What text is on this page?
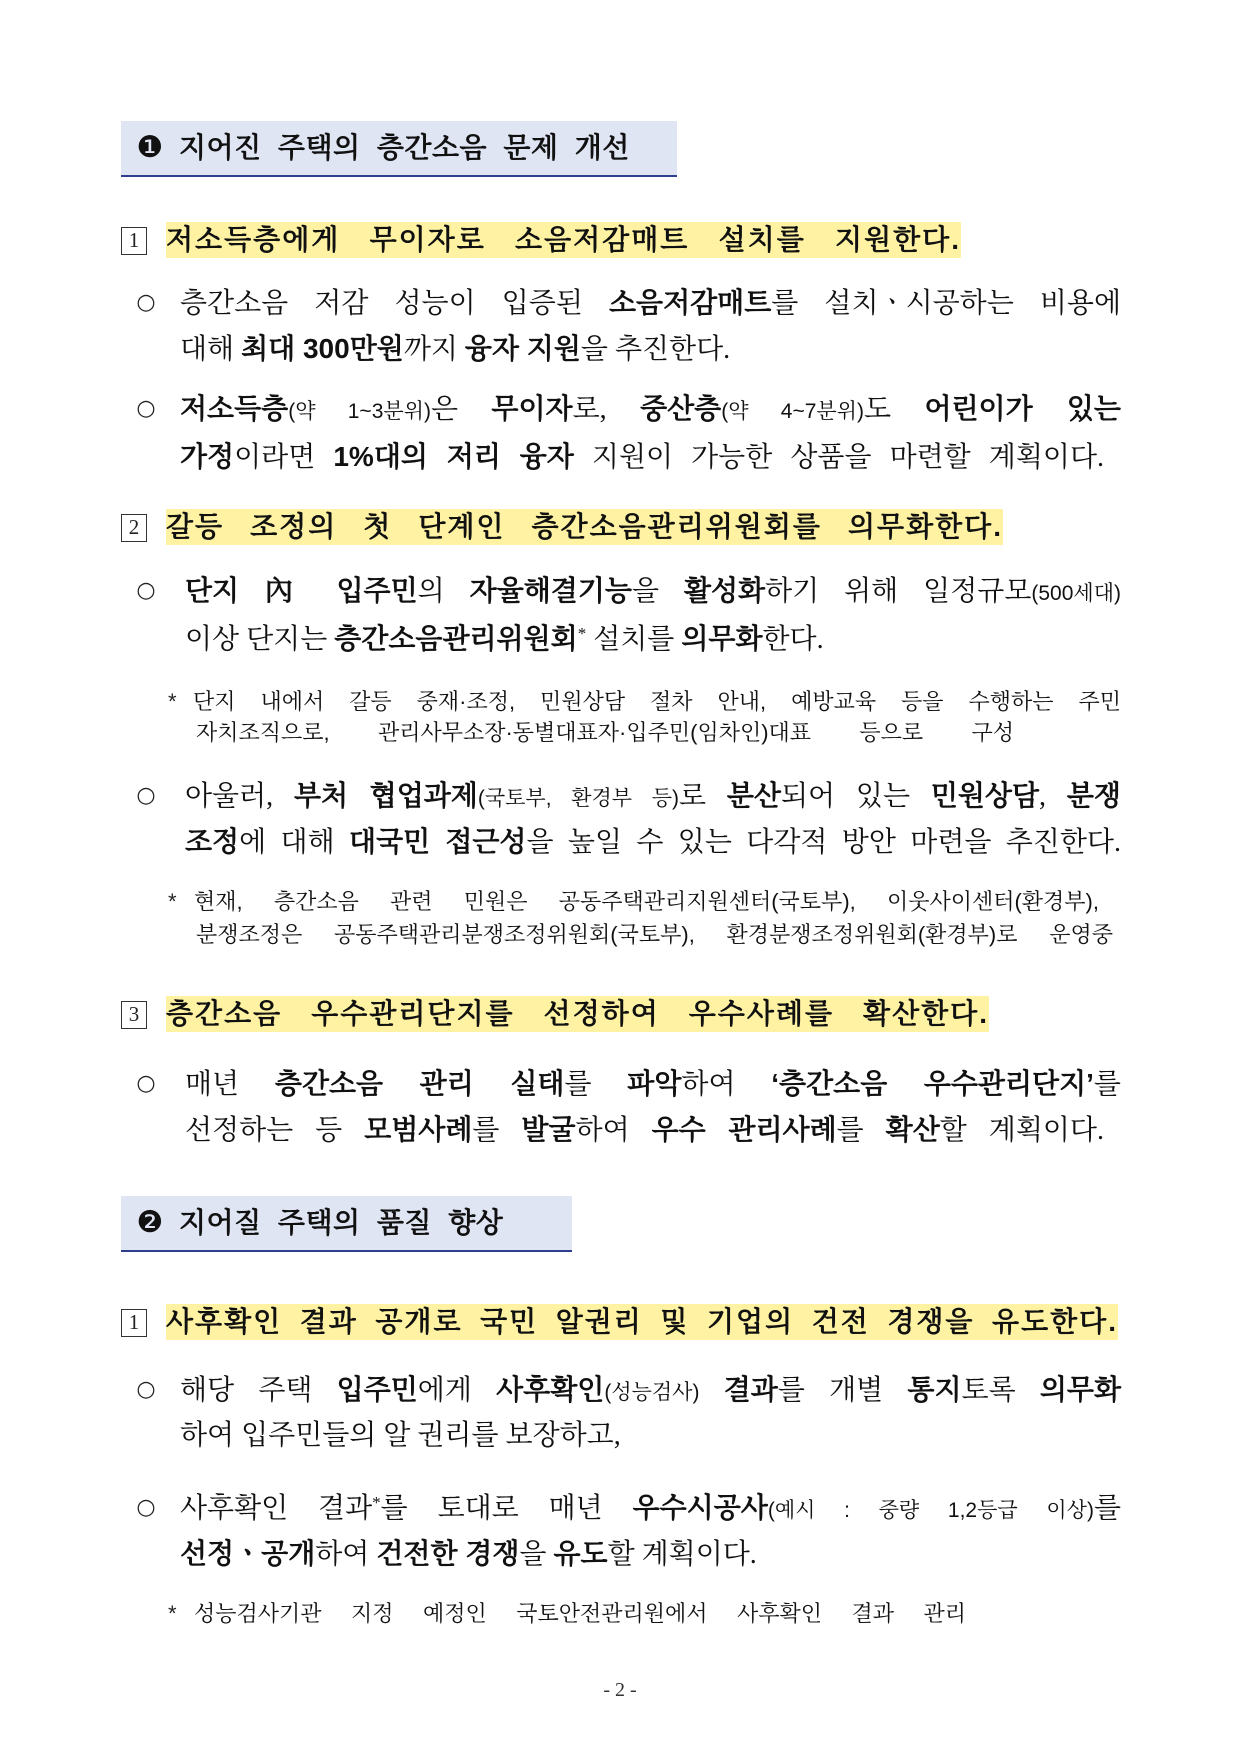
❶ 지어진 주택의 층간소음 문제 개선
1 저소득층에게 무이자로 소음저감매트 설치를 지원한다.
○ 층간소음 저감 성능이 입증된 소음저감매트를 설치ㆍ시공하는 비용에
대해 최대 300만원까지 융자 지원을 추진한다.
○ 저소득층(약 1~3분위)은 무이자로, 중산층(약 4~7분위)도 어린이가 있는
가정이라면 1%대의 저리 융자 지원이 가능한 상품을 마련할 계획이다.
2 갈등 조정의 첫 단계인 층간소음관리위원회를 의무화한다.
○ 단지 內 입주민의 자율해결기능을 활성화하기 위해 일정규모(500세대)
이상 단지는 층간소음관리위원회* 설치를 의무화한다.
* 단지 내에서 갈등 중재·조정, 민원상담 절차 안내, 예방교육 등을 수행하는 주민
자치조직으로, 관리사무소장·동별대표자·입주민(임차인)대표 등으로 구성
○ 아울러, 부처 협업과제(국토부, 환경부 등)로 분산되어 있는 민원상담, 분쟁
조정에 대해 대국민 접근성을 높일 수 있는 다각적 방안 마련을 추진한다.
* 현재, 층간소음 관련 민원은 공동주택관리지원센터(국토부), 이웃사이센터(환경부),
분쟁조정은 공동주택관리분쟁조정위원회(국토부), 환경분쟁조정위원회(환경부)로 운영중
3 층간소음 우수관리단지를 선정하여 우수사례를 확산한다.
○ 매년 층간소음 관리 실태를 파악하여 ‘층간소음 우수관리단지’를
선정하는 등 모범사례를 발굴하여 우수 관리사례를 확산할 계획이다.
❷ 지어질 주택의 품질 향상
1 사후확인 결과 공개로 국민 알권리 및 기업의 건전 경쟁을 유도한다.
○ 해당 주택 입주민에게 사후확인(성능검사) 결과를 개별 통지토록 의무화
하여 입주민들의 알 권리를 보장하고,
○ 사후확인 결과*를 토대로 매년 우수시공사(예시 : 중량 1,2등급 이상)를
선정ㆍ공개하여 건전한 경쟁을 유도할 계획이다.
* 성능검사기관 지정 예정인 국토안전관리원에서 사후확인 결과 관리
- 2 -
